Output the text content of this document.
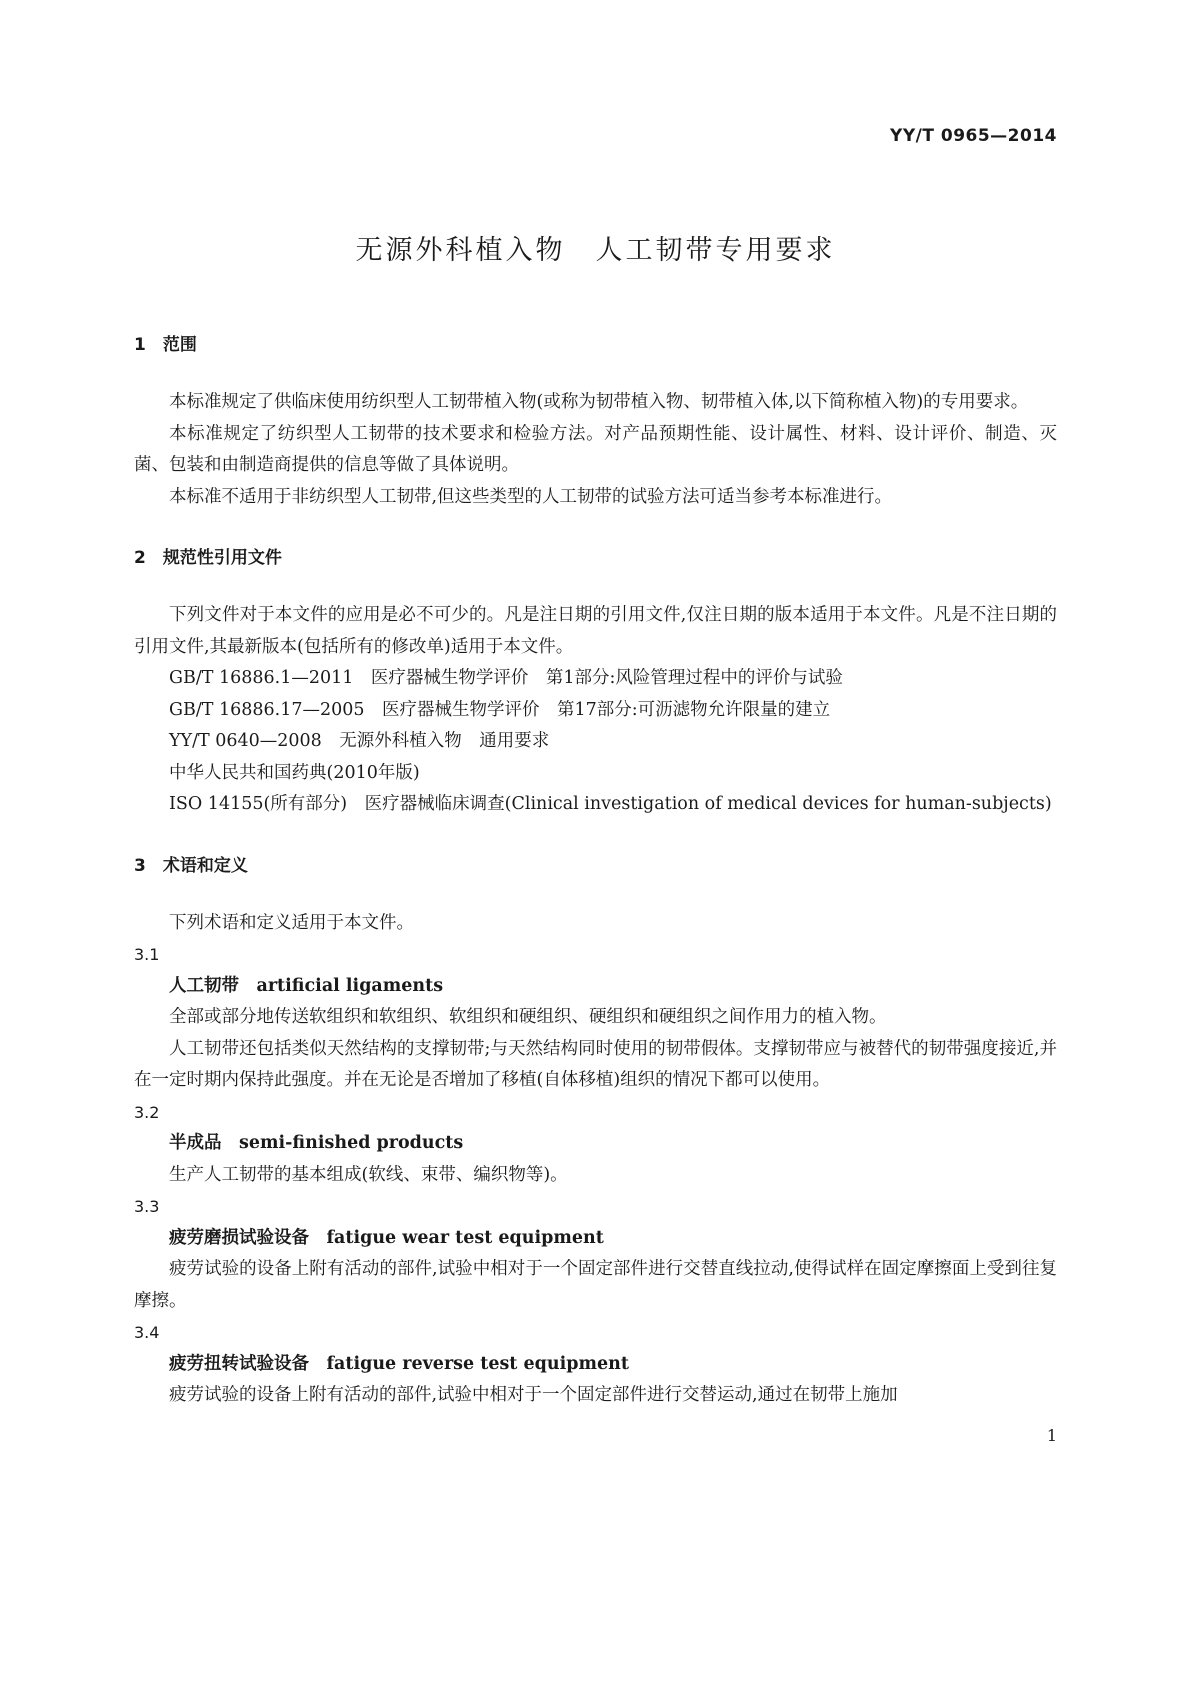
YY/T 0965—2014
无源外科植入物　人工韧带专用要求
1　范围

本标准规定了供临床使用纺织型人工韧带植入物(或称为韧带植入物、韧带植入体,以下简称植入物)的专用要求。

本标准规定了纺织型人工韧带的技术要求和检验方法。对产品预期性能、设计属性、材料、设计评价、制造、灭菌、包装和由制造商提供的信息等做了具体说明。

本标准不适用于非纺织型人工韧带,但这些类型的人工韧带的试验方法可适当参考本标准进行。

2　规范性引用文件

下列文件对于本文件的应用是必不可少的。凡是注日期的引用文件,仅注日期的版本适用于本文件。凡是不注日期的引用文件,其最新版本(包括所有的修改单)适用于本文件。

GB/T 16886.1—2011　医疗器械生物学评价　第1部分:风险管理过程中的评价与试验

GB/T 16886.17—2005　医疗器械生物学评价　第17部分:可沥滤物允许限量的建立

YY/T 0640—2008　无源外科植入物　通用要求

中华人民共和国药典(2010年版)

ISO 14155(所有部分)　医疗器械临床调查(Clinical investigation of medical devices for human-subjects)

3　术语和定义

下列术语和定义适用于本文件。

3.1
人工韧带　artificial ligaments

全部或部分地传送软组织和软组织、软组织和硬组织、硬组织和硬组织之间作用力的植入物。

人工韧带还包括类似天然结构的支撑韧带;与天然结构同时使用的韧带假体。支撑韧带应与被替代的韧带强度接近,并在一定时期内保持此强度。并在无论是否增加了移植(自体移植)组织的情况下都可以使用。

3.2
半成品　semi-finished products

生产人工韧带的基本组成(软线、束带、编织物等)。

3.3
疲劳磨损试验设备　fatigue wear test equipment

疲劳试验的设备上附有活动的部件,试验中相对于一个固定部件进行交替直线拉动,使得试样在固定摩擦面上受到往复摩擦。

3.4
疲劳扭转试验设备　fatigue reverse test equipment

疲劳试验的设备上附有活动的部件,试验中相对于一个固定部件进行交替运动,通过在韧带上施加

1
